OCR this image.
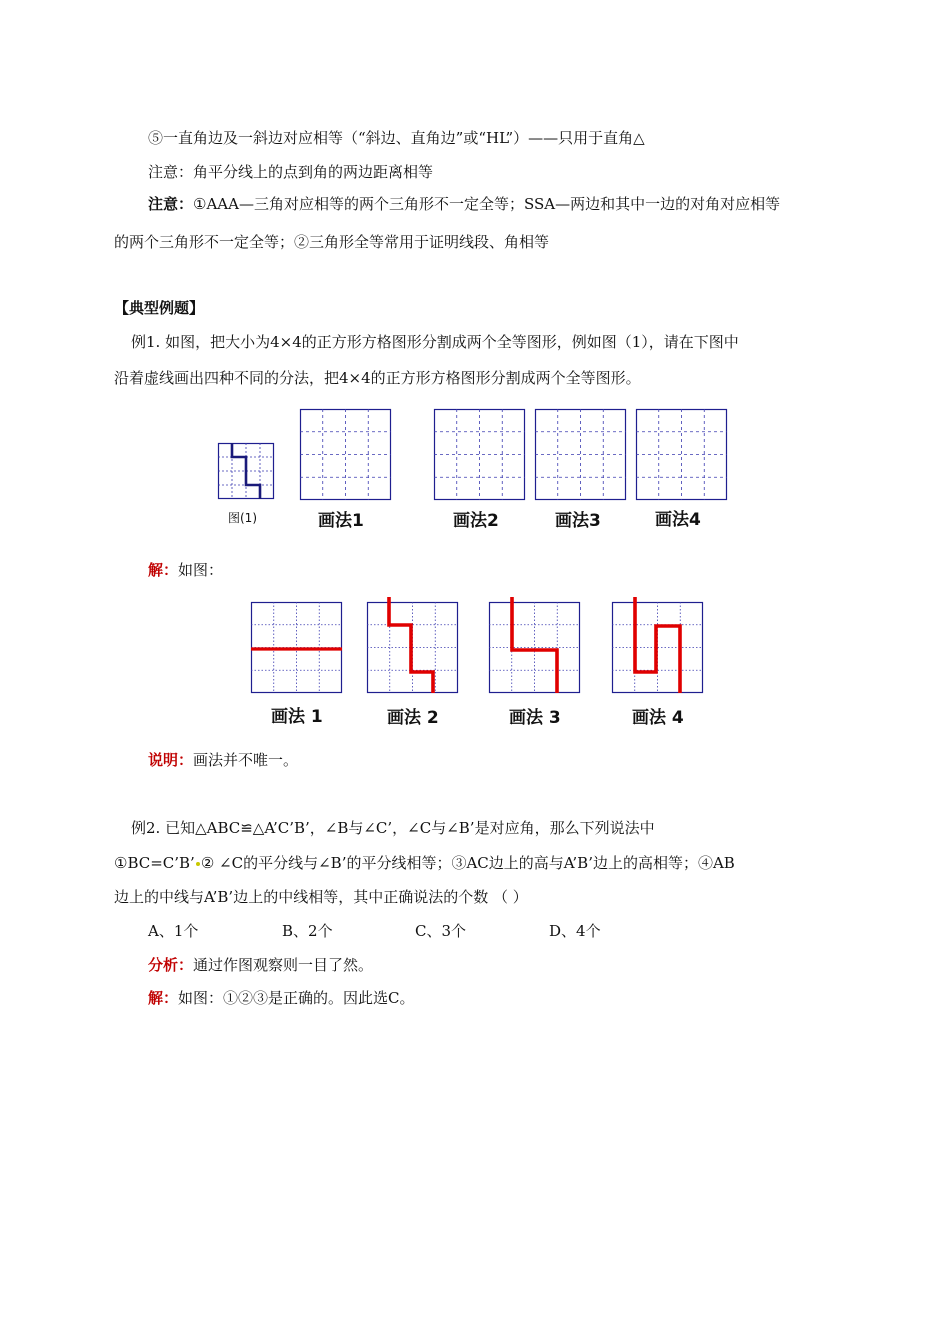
⑤一直角边及一斜边对应相等（“斜边、直角边”或“HL”）——只用于直角△
注意：角平分线上的点到角的两边距离相等
注意：①AAA—三角对应相等的两个三角形不一定全等；SSA—两边和其中一边的对角对应相等
的两个三角形不一定全等；②三角形全等常用于证明线段、角相等
【典型例题】
例1. 如图，把大小为4×4的正方形方格图形分割成两个全等图形，例如图（1），请在下图中
沿着虚线画出四种不同的分法，把4×4的正方形方格图形分割成两个全等图形。
图(1)	画法1	画法2	画法3	画法4
解：如图：
画法 1	画法 2	画法 3	画法 4
说明：画法并不唯一。
例2. 已知△ABC≌△A’C’B’，∠B与∠C’，∠C与∠B’是对应角，那么下列说法中
①BC=C’B’ ② ∠C的平分线与∠B’的平分线相等；③AC边上的高与A’B’边上的高相等；④AB
边上的中线与A’B’边上的中线相等，其中正确说法的个数 （ ）
A、1个	B、2个	C、3个	D、4个
分析：通过作图观察则一目了然。
解：如图：①②③是正确的。因此选C。
